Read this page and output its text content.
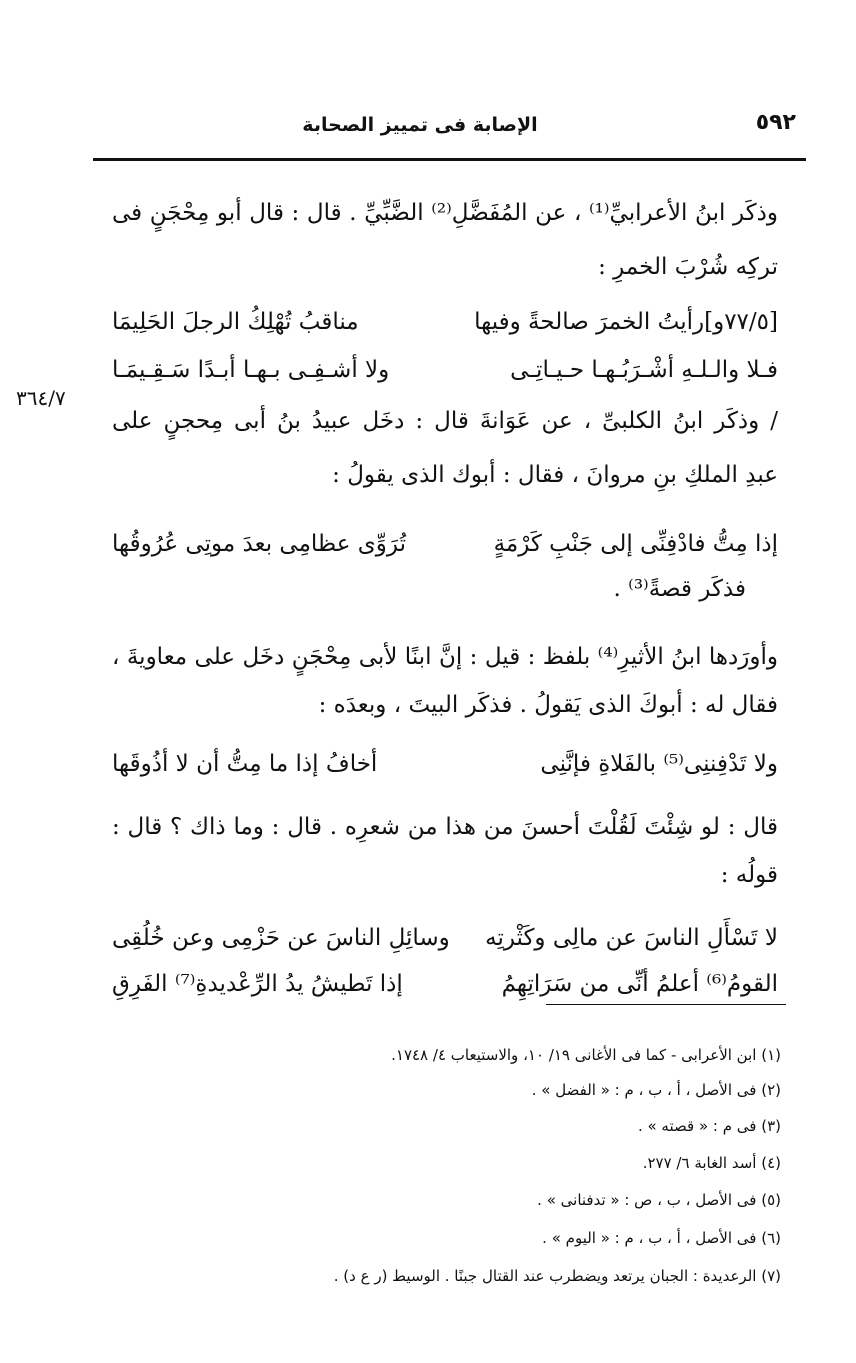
٥٩٢
الإصابة فى تمييز الصحابة
وذكَر ابنُ الأعرابيِّ⁽¹⁾ ، عن المُفَضَّلِ⁽²⁾ الضَّبِّيِّ . قال : قال أبو مِحْجَنٍ فى
تركِه شُرْبَ الخمرِ :
[٧٧/٥و]رأيتُ الخمرَ صالحةً وفيها
مناقبُ تُهْلِكُ الرجلَ الحَلِيمَا
فـلا والـلـهِ أشْـرَبُـهـا حـيـاتِـى
ولا أشـفِـى بـهـا أبـدًا سَـقِـيمَـا
٣٦٤/٧
/ وذكَر ابنُ الكلبىِّ ، عن عَوَانةَ قال : دخَل عبيدُ بنُ أبى مِحجنٍ على
عبدِ الملكِ بنِ مروانَ ، فقال : أبوك الذى يقولُ :
إذا مِتُّ فادْفِنِّى إلى جَنْبِ كَرْمَةٍ
تُرَوِّى عظامِى بعدَ موتِى عُرُوقُها
فذكَر قصةً⁽³⁾ .
وأورَدها ابنُ الأثيرِ⁽⁴⁾ بلفظ : قيل : إنَّ ابنًا لأبى مِحْجَنٍ دخَل على معاويةَ ،
فقال له : أبوكَ الذى يَقولُ . فذكَر البيتَ ، وبعدَه :
ولا تَدْفِننِى⁽⁵⁾ بالفَلاةِ فإنَّنِى
أخافُ إذا ما مِتُّ أن لا أذُوقَها
قال : لو شِئْتَ لَقُلْتَ أحسنَ من هذا من شعرِه . قال : وما ذاك ؟ قال :
قولُه :
لا تَسْأَلِ الناسَ عن مالِى وكَثْرتِه
وسائِلِ الناسَ عن حَزْمِى وعن خُلُقِى
القومُ⁽⁶⁾ أعلمُ أنِّى من سَرَاتِهِمُ
إذا تَطيشُ يدُ الرِّعْديدةِ⁽⁷⁾ الفَرِقِ
(١) ابن الأعرابى - كما فى الأغانى ١٩/ ١٠، والاستيعاب ٤/ ١٧٤٨.
(٢) فى الأصل ، أ ، ب ، م : « الفضل » .
(٣) فى م : « قصته » .
(٤) أسد الغابة ٦/ ٢٧٧.
(٥) فى الأصل ، ب ، ص : « تدفنانى » .
(٦) فى الأصل ، أ ، ب ، م : « اليوم » .
(٧) الرعديدة : الجبان يرتعد ويضطرب عند القتال جبنًا . الوسيط (ر ع د) .
